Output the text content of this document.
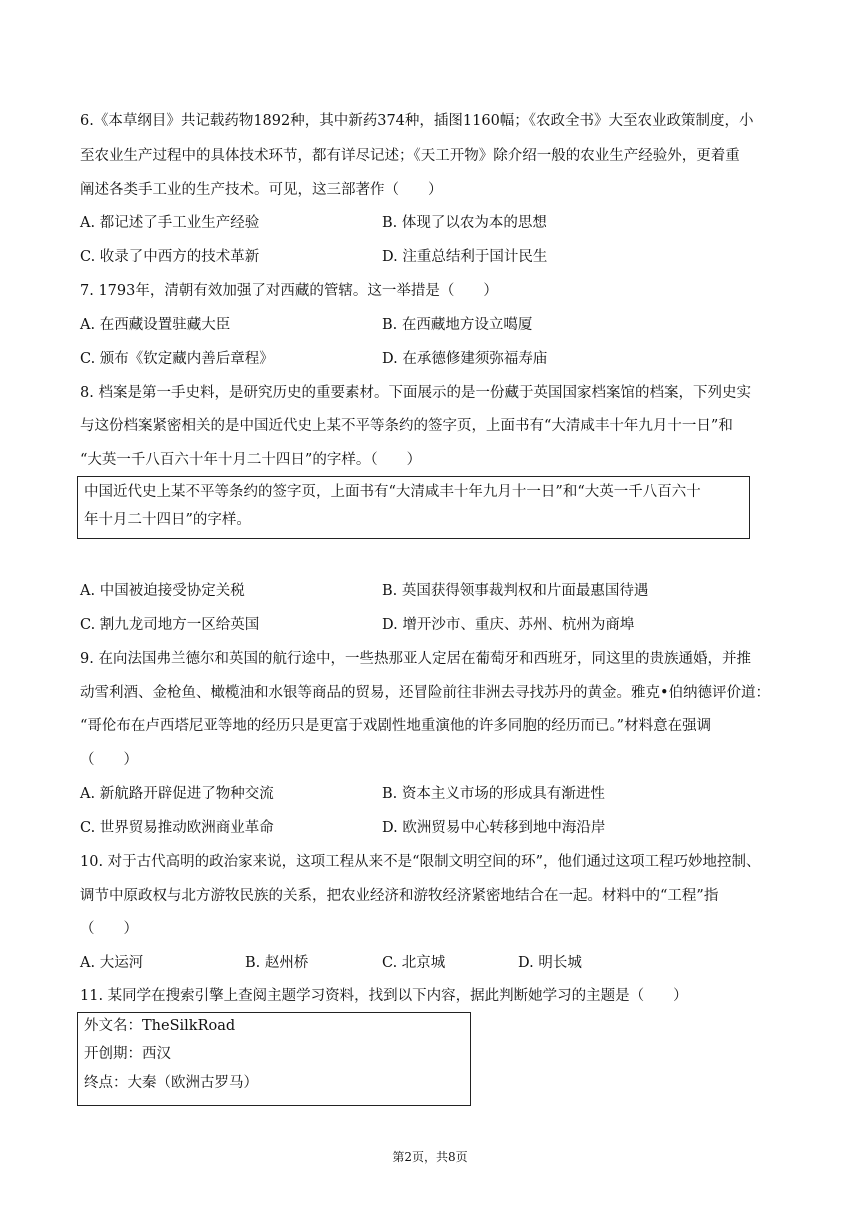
6.《本草纲目》共记载药物1892种，其中新药374种，插图1160幅；《农政全书》大至农业政策制度，小
至农业生产过程中的具体技术环节，都有详尽记述；《天工开物》除介绍一般的农业生产经验外，更着重
阐述各类手工业的生产技术。可见，这三部著作（　　）
A. 都记述了手工业生产经验	B. 体现了以农为本的思想
C. 收录了中西方的技术革新	D. 注重总结利于国计民生
7. 1793年，清朝有效加强了对西藏的管辖。这一举措是（　　）
A. 在西藏设置驻藏大臣	B. 在西藏地方设立噶厦
C. 颁布《钦定藏内善后章程》	D. 在承德修建须弥福寿庙
8. 档案是第一手史料，是研究历史的重要素材。下面展示的是一份藏于英国国家档案馆的档案，下列史实
与这份档案紧密相关的是中国近代史上某不平等条约的签字页，上面书有“大清咸丰十年九月十一日”和
“大英一千八百六十年十月二十四日”的字样。（　　）
中国近代史上某不平等条约的签字页，上面书有“大清咸丰十年九月十一日”和“大英一千八百六十
年十月二十四日”的字样。
A. 中国被迫接受协定关税	B. 英国获得领事裁判权和片面最惠国待遇
C. 割九龙司地方一区给英国	D. 增开沙市、重庆、苏州、杭州为商埠
9. 在向法国弗兰德尔和英国的航行途中，一些热那亚人定居在葡萄牙和西班牙，同这里的贵族通婚，并推
动雪利酒、金枪鱼、橄榄油和水银等商品的贸易，还冒险前往非洲去寻找苏丹的黄金。雅克•伯纳德评价道：
“哥伦布在卢西塔尼亚等地的经历只是更富于戏剧性地重演他的许多同胞的经历而已。”材料意在强调
（　　）
A. 新航路开辟促进了物种交流	B. 资本主义市场的形成具有渐进性
C. 世界贸易推动欧洲商业革命	D. 欧洲贸易中心转移到地中海沿岸
10. 对于古代高明的政治家来说，这项工程从来不是“限制文明空间的环”，他们通过这项工程巧妙地控制、
调节中原政权与北方游牧民族的关系，把农业经济和游牧经济紧密地结合在一起。材料中的“工程”指
（　　）
A. 大运河	B. 赵州桥	C. 北京城	D. 明长城
11. 某同学在搜索引擎上查阅主题学习资料，找到以下内容，据此判断她学习的主题是（　　）
外文名：TheSilkRoad
开创期：西汉
终点：大秦（欧洲古罗马）
第2页，共8页
